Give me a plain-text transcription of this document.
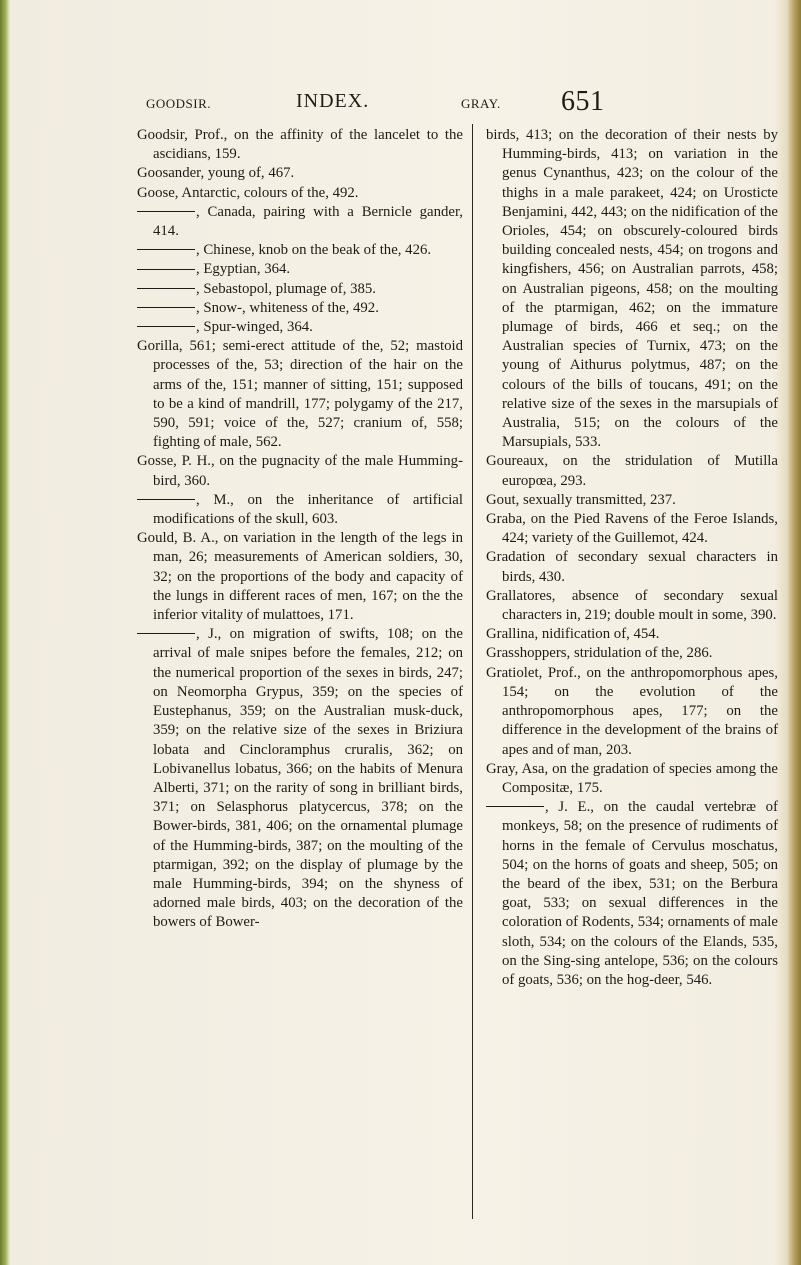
GOODSIR.	INDEX.	GRAY. 651

Goodsir, Prof., on the affinity of the lancelet to the ascidians, 159.

Goosander, young of, 467.

Goose, Antarctic, colours of the, 492.

, Canada, pairing with a Bernicle gander, 414.

, Chinese, knob on the beak of the, 426.

, Egyptian, 364.

, Sebastopol, plumage of, 385.

, Snow-, whiteness of the, 492.

, Spur-winged, 364.

Gorilla, 561; semi-erect attitude of the, 52; mastoid processes of the, 53; direction of the hair on the arms of the, 151; manner of sitting, 151; supposed to be a kind of mandrill, 177; polygamy of the 217, 590, 591; voice of the, 527; cranium of, 558; fighting of male, 562.

Gosse, P. H., on the pugnacity of the male Humming-bird, 360.

, M., on the inheritance of artificial modifications of the skull, 603.

Gould, B. A., on variation in the length of the legs in man, 26; measurements of American soldiers, 30, 32; on the proportions of the body and capacity of the lungs in different races of men, 167; on the the inferior vitality of mulattoes, 171.

, J., on migration of swifts, 108; on the arrival of male snipes before the females, 212; on the numerical proportion of the sexes in birds, 247; on Neomorpha Grypus, 359; on the species of Eustephanus, 359; on the Australian musk-duck, 359; on the relative size of the sexes in Briziura lobata and Cincloramphus cruralis, 362; on Lobivanellus lobatus, 366; on the habits of Menura Alberti, 371; on the rarity of song in brilliant birds, 371; on Selasphorus platycercus, 378; on the Bower-birds, 381, 406; on the ornamental plumage of the Humming-birds, 387; on the moulting of the ptarmigan, 392; on the display of plumage by the male Humming-birds, 394; on the shyness of adorned male birds, 403; on the decoration of the bowers of Bower-

birds, 413; on the decoration of their nests by Humming-birds, 413; on variation in the genus Cynanthus, 423; on the colour of the thighs in a male parakeet, 424; on Urosticte Benjamini, 442, 443; on the nidification of the Orioles, 454; on obscurely-coloured birds building concealed nests, 454; on trogons and kingfishers, 456; on Australian parrots, 458; on Australian pigeons, 458; on the moulting of the ptarmigan, 462; on the immature plumage of birds, 466 et seq.; on the Australian species of Turnix, 473; on the young of Aithurus polytmus, 487; on the colours of the bills of toucans, 491; on the relative size of the sexes in the marsupials of Australia, 515; on the colours of the Marsupials, 533.

Goureaux, on the stridulation of Mutilla europœa, 293.

Gout, sexually transmitted, 237.

Graba, on the Pied Ravens of the Feroe Islands, 424; variety of the Guillemot, 424.

Gradation of secondary sexual characters in birds, 430.

Grallatores, absence of secondary sexual characters in, 219; double moult in some, 390.

Grallina, nidification of, 454.

Grasshoppers, stridulation of the, 286.

Gratiolet, Prof., on the anthropomorphous apes, 154; on the evolution of the anthropomorphous apes, 177; on the difference in the development of the brains of apes and of man, 203.

Gray, Asa, on the gradation of species among the Compositæ, 175.

, J. E., on the caudal vertebræ of monkeys, 58; on the presence of rudiments of horns in the female of Cervulus moschatus, 504; on the horns of goats and sheep, 505; on the beard of the ibex, 531; on the Berbura goat, 533; on sexual differences in the coloration of Rodents, 534; ornaments of male sloth, 534; on the colours of the Elands, 535, on the Sing-sing antelope, 536; on the colours of goats, 536; on the hog-deer, 546.
